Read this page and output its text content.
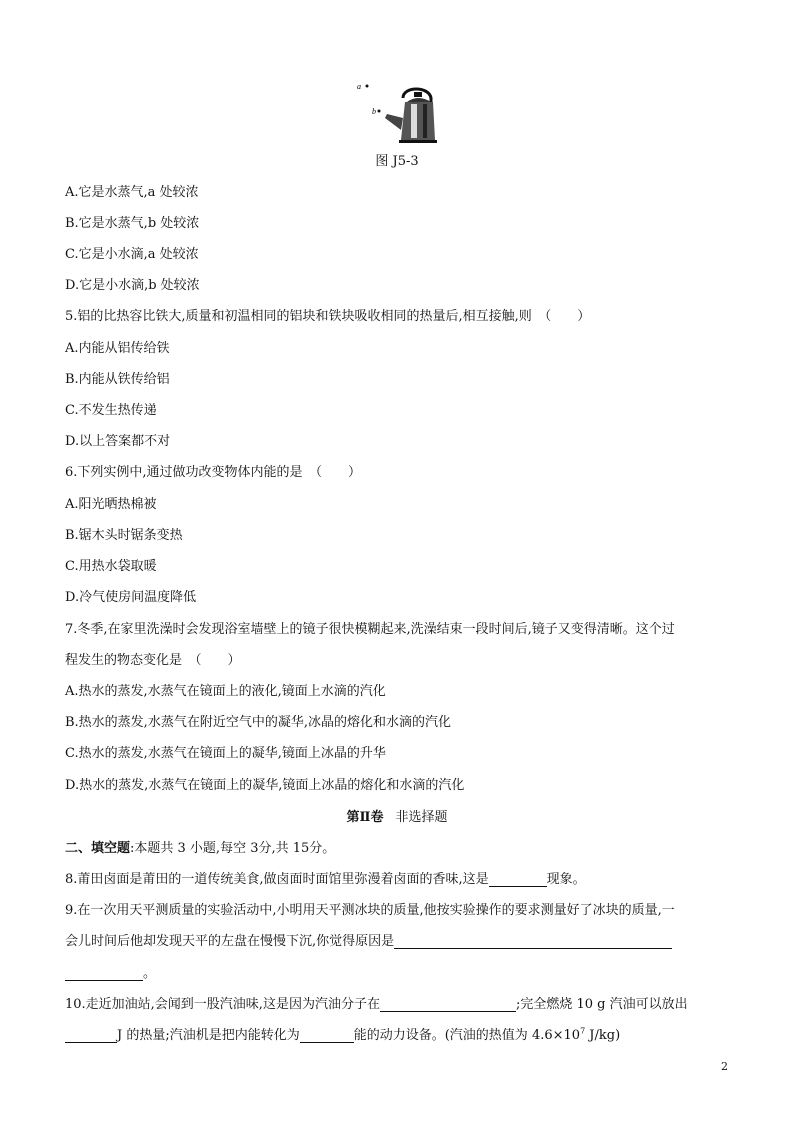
a
b
图 J5-3
A.它是水蒸气,a 处较浓
B.它是水蒸气,b 处较浓
C.它是小水滴,a 处较浓
D.它是小水滴,b 处较浓
5.铝的比热容比铁大,质量和初温相同的铝块和铁块吸收相同的热量后,相互接触,则　（　　）
A.内能从铝传给铁
B.内能从铁传给铝
C.不发生热传递
D.以上答案都不对
6.下列实例中,通过做功改变物体内能的是　（　　）
A.阳光晒热棉被
B.锯木头时锯条变热
C.用热水袋取暖
D.冷气使房间温度降低
7.冬季,在家里洗澡时会发现浴室墙壁上的镜子很快模糊起来,洗澡结束一段时间后,镜子又变得清晰。这个过
程发生的物态变化是　（　　）
A.热水的蒸发,水蒸气在镜面上的液化,镜面上水滴的汽化
B.热水的蒸发,水蒸气在附近空气中的凝华,冰晶的熔化和水滴的汽化
C.热水的蒸发,水蒸气在镜面上的凝华,镜面上冰晶的升华
D.热水的蒸发,水蒸气在镜面上的凝华,镜面上冰晶的熔化和水滴的汽化
第Ⅱ卷 非选择题
二、填空题:本题共 3 小题,每空 3分,共 15分。
8.莆田卤面是莆田的一道传统美食,做卤面时面馆里弥漫着卤面的香味,这是	现象。
9.在一次用天平测质量的实验活动中,小明用天平测冰块的质量,他按实验操作的要求测量好了冰块的质量,一
会儿时间后他却发现天平的左盘在慢慢下沉,你觉得原因是
。
10.走近加油站,会闻到一股汽油味,这是因为汽油分子在	;完全燃烧 10 g 汽油可以放出
J 的热量;汽油机是把内能转化为	能的动力设备。(汽油的热值为 $4.6\times 10^7$ J/kg)
2
